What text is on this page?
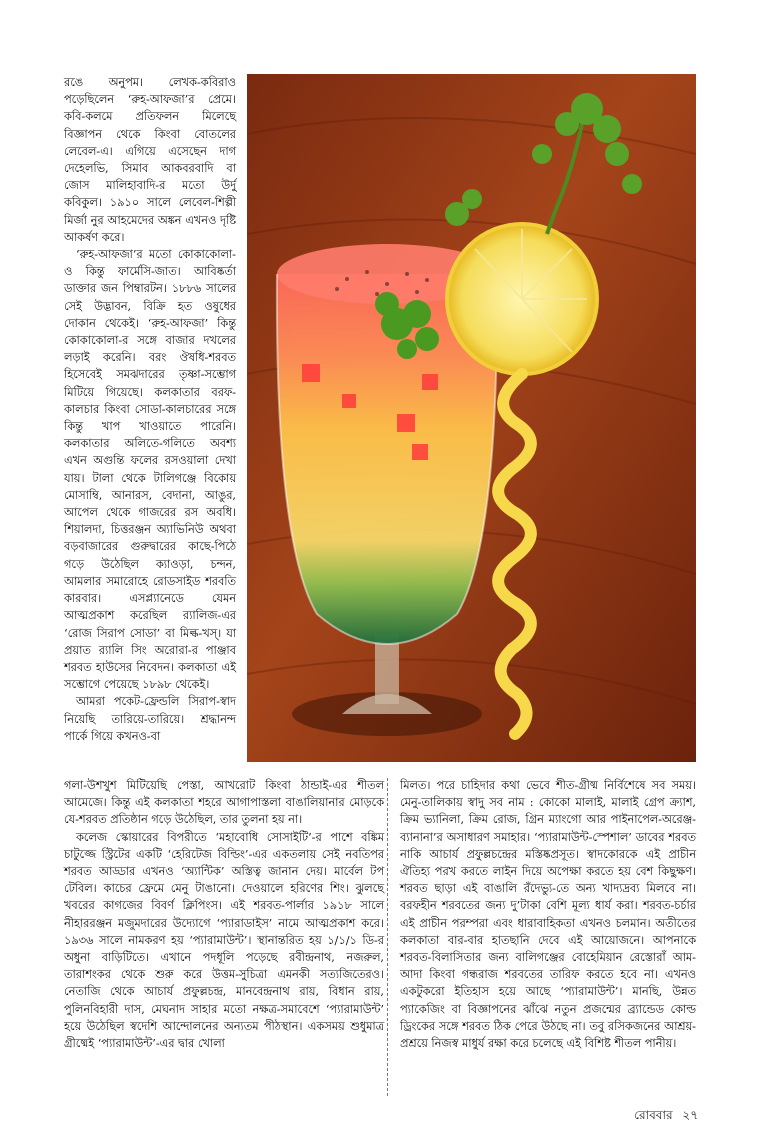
রঙে অনুপম। লেখক-কবিরাও পড়েছিলেন ‘রুহ-আফজা’র প্রেমে। কবি-কলমে প্রতিফলন মিলেছে বিজ্ঞাপন থেকে কিংবা বোতলের লেবেল-এ। এগিয়ে এসেছেন দাগ দেহেলভি, সিমাব আকবরবাদি বা জোস মালিহাবাদি-র মতো উর্দু কবিকুল। ১৯১০ সালে লেবেল-শিল্পী মির্জা নুর আহমেদের অঙ্কন এখনও দৃষ্টি আকর্ষণ করে।

‘রুহ-আফজা’র মতো কোকাকোলা-ও কিন্তু ফার্মেসি-জাত। আবিষ্কর্তা ডাক্তার জন পিম্বারটন। ১৮৮৬ সালের সেই উদ্ভাবন, বিক্রি হত ওষুধের দোকান থেকেই। ‘রুহ-আফজা’ কিন্তু কোকাকোলা-র সঙ্গে বাজার দখলের লড়াই করেনি। বরং ঔষধি-শরবত হিসেবেই সমঝদারের তৃষ্ণা-সম্ভোগ মিটিয়ে গিয়েছে। কলকাতার বরফ-কালচার কিংবা সোডা-কালচারের সঙ্গে কিন্তু খাপ খাওয়াতে পারেনি। কলকাতার অলিতে-গলিতে অবশ্য এখন অগুন্তি ফলের রসওয়ালা দেখা যায়। টালা থেকে টালিগঞ্জে বিকোয় মোসাম্বি, আনারস, বেদানা, আঙুর, আপেল থেকে গাজরের রস অবধি। শিয়ালদা, চিত্তরঞ্জন অ্যাভিনিউ অথবা বড়বাজারের গুরুদ্বারের কাছে-পিঠে গড়ে উঠেছিল ক্যাওড়া, চন্দন, আমলার সমারোহে রোডসাইড শরবতি কারবার। এসপ্ল্যানেডে যেমন আত্মপ্রকাশ করেছিল র‍্যালিজ-এর ‘রোজ সিরাপ সোডা’ বা মিল্ক-খস্‌। যা প্রয়াত র‍্যালি সিং অরোরা-র পাঞ্জাব শরবত হাউসের নিবেদন। কলকাতা এই সম্ভোগে পেয়েছে ১৮৯৮ থেকেই।

আমরা পকেট-ফ্রেন্ডলি সিরাপ-স্বাদ নিয়েছি তারিয়ে-তারিয়ে। শ্রদ্ধানন্দ পার্কে গিয়ে কখনও-বা

গলা-উশখুশ মিটিয়েছি পেস্তা, আখরোট কিংবা ঠান্ডাই-এর শীতল আমেজে। কিন্তু এই কলকাতা শহরে আগাপাস্তলা বাঙালিয়ানার মোড়কে যে-শরবত প্রতিষ্ঠান গড়ে উঠেছিল, তার তুলনা হয় না।

কলেজ স্কোয়ারের বিপরীতে ‘মহাবোধি সোসাইটি’-র পাশে বঙ্কিম চাটুজ্জে স্ট্রিটের একটি ‘হেরিটেজ বিল্ডিং’-এর একতলায় সেই নবতিপর শরবত আড্ডার এখনও ‘অ্যান্টিক’ অস্তিত্ব জানান দেয়। মার্বেল টপ টেবিল। কাচের ফ্রেমে মেনু টাঙানো। দেওয়ালে হরিণের শিং। ঝুলছে খবরের কাগজের বিবর্ণ ক্লিপিংস। এই শরবত-পার্লার ১৯১৮ সালে নীহাররঞ্জন মজুমদারের উদ্যোগে ‘প্যারাডাইস’ নামে আত্মপ্রকাশ করে। ১৯৩৬ সালে নামকরণ হয় ‘প্যারামাউন্ট’। স্থানান্তরিত হয় ১/১/১ ডি-র অধুনা বাড়িটিতে। এখানে পদধূলি পড়েছে রবীন্দ্রনাথ, নজরুল, তারাশংকর থেকে শুরু করে উত্তম-সুচিত্রা এমনকী সত্যজিতেরও। নেতাজি থেকে আচার্য প্রফুল্লচন্দ্র, মানবেন্দ্রনাথ রায়, বিধান রায়, পুলিনবিহারী দাস, মেঘনাদ সাহার মতো নক্ষত্র-সমাবেশে ‘প্যারামাউন্ট’ হয়ে উঠেছিল স্বদেশি আন্দোলনের অন্যতম পীঠস্থান। একসময় শুধুমাত্র গ্রীষ্মেই ‘প্যারামাউন্ট’-এর দ্বার খোলা

মিলত। পরে চাহিদার কথা ভেবে শীত-গ্রীষ্ম নির্বিশেষে সব সময়। মেনু-তালিকায় স্বাদু সব নাম : কোকো মালাই, মালাই গ্রেপ ক্র্যাশ, ক্রিম ভ্যানিলা, ক্রিম রোজ, গ্রিন ম্যাংগো আর পাইনাপেল-অরেঞ্জ-ব্যানানা’র অসাধারণ সমাহার। ‘প্যারামাউন্ট-স্পেশাল’ ডাবের শরবত নাকি আচার্য প্রফুল্লচন্দ্রের মস্তিষ্কপ্রসূত। স্বাদকোরকে এই প্রাচীন ঐতিহ্য পরখ করতে লাইন দিয়ে অপেক্ষা করতে হয় বেশ কিছুক্ষণ। শরবত ছাড়া এই বাঙালি রঁদেভ্যু-তে অন্য খাদ্যদ্রব্য মিলবে না। বরফহীন শরবতের জন্য দু’টাকা বেশি মূল্য ধার্য করা। শরবত-চর্চার এই প্রাচীন পরম্পরা এবং ধারাবাহিকতা এখনও চলমান। অতীতের কলকাতা বার-বার হাতছানি দেবে এই আয়োজনে। আপনাকে শরবত-বিলাসিতার জন্য বালিগঞ্জের বোহেমিয়ান রেস্তোরাঁ আম-আদা কিংবা গন্ধরাজ শরবতের তারিফ করতে হবে না। এখনও একটুকরো ইতিহাস হয়ে আছে ‘প্যারামাউন্ট’। মানছি, উন্নত প্যাকেজিং বা বিজ্ঞাপনের ঝাঁঝে নতুন প্রজন্মের ব্র্যান্ডেড কোল্ড ড্রিংকের সঙ্গে শরবত ঠিক পেরে উঠছে না। তবু রসিকজনের আশ্রয়-প্রশ্রয়ে নিজস্ব মাধুর্য রক্ষা করে চলেছে এই বিশিষ্ট শীতল পানীয়।

রোববার ২৭
